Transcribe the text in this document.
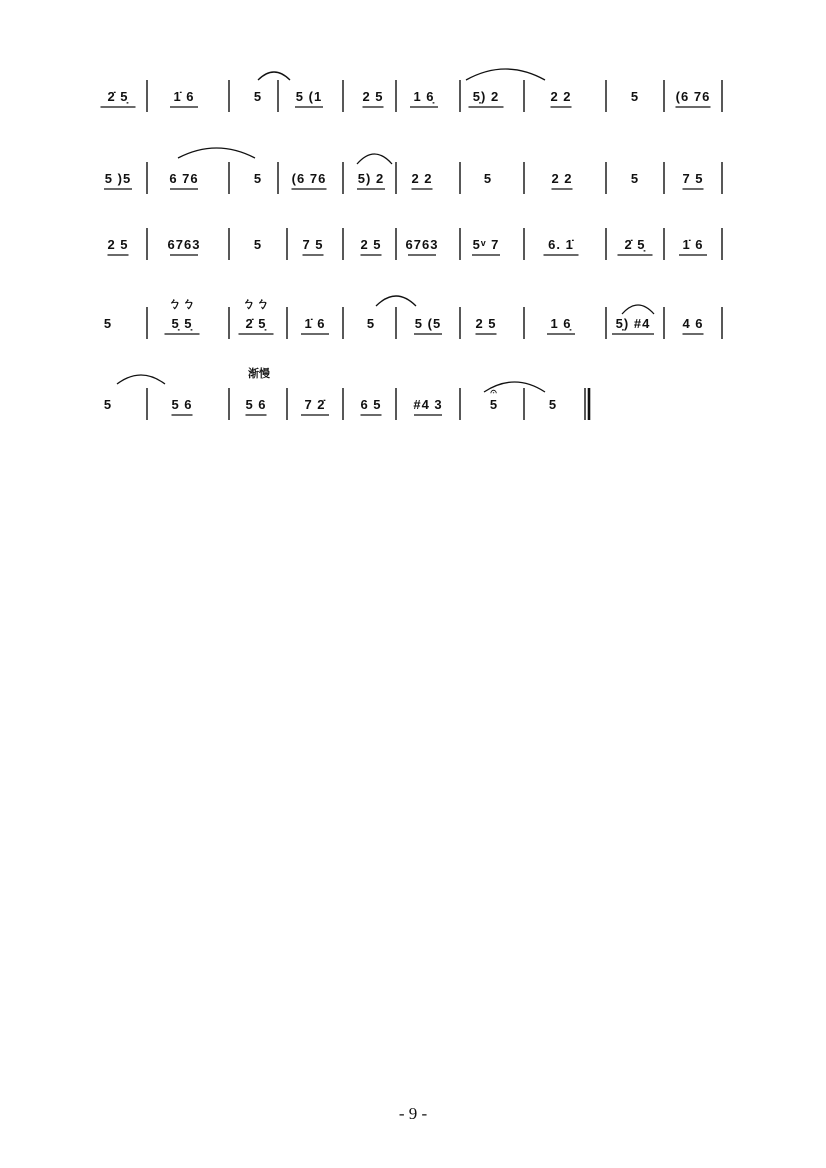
2̇ 5̣	1̇ 6	5	5 (1	2 5 1 6̣	5̣) 2	2 2	5	(6 76
5 )5	6 76	5 (6 76 5) 2 2 2	5	2 2	5	7 5
2 5	6763	5	7 5	2 5 6763	5ᵛ 7	6. 1̇	2̇ 5̣	1̇ 6
5	5̣ 5̣	2̇ 5̣	1̇ 6	5	5 (5	2 5	1 6̣	5̣) #4 4 6
5	5 6	5 6	7 2̇	6 5 #4 3	5	5
渐慢
ㄅㄅ	ㄅㄅ
𝄐
- 9 -
